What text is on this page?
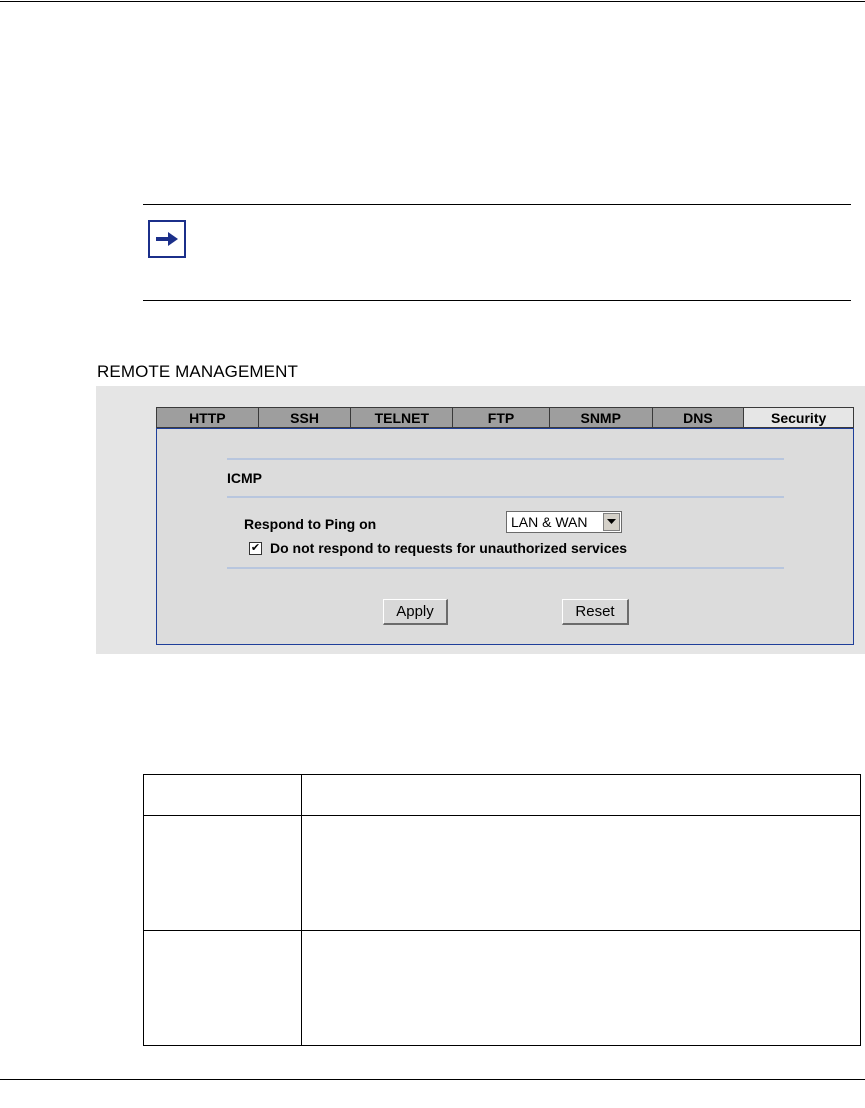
REMOTE MANAGEMENT
HTTP	SSH	TELNET	FTP	SNMP	DNS	Security
ICMP
Respond to Ping on	LAN & WAN
✔ Do not respond to requests for unauthorized services
Apply	Reset
